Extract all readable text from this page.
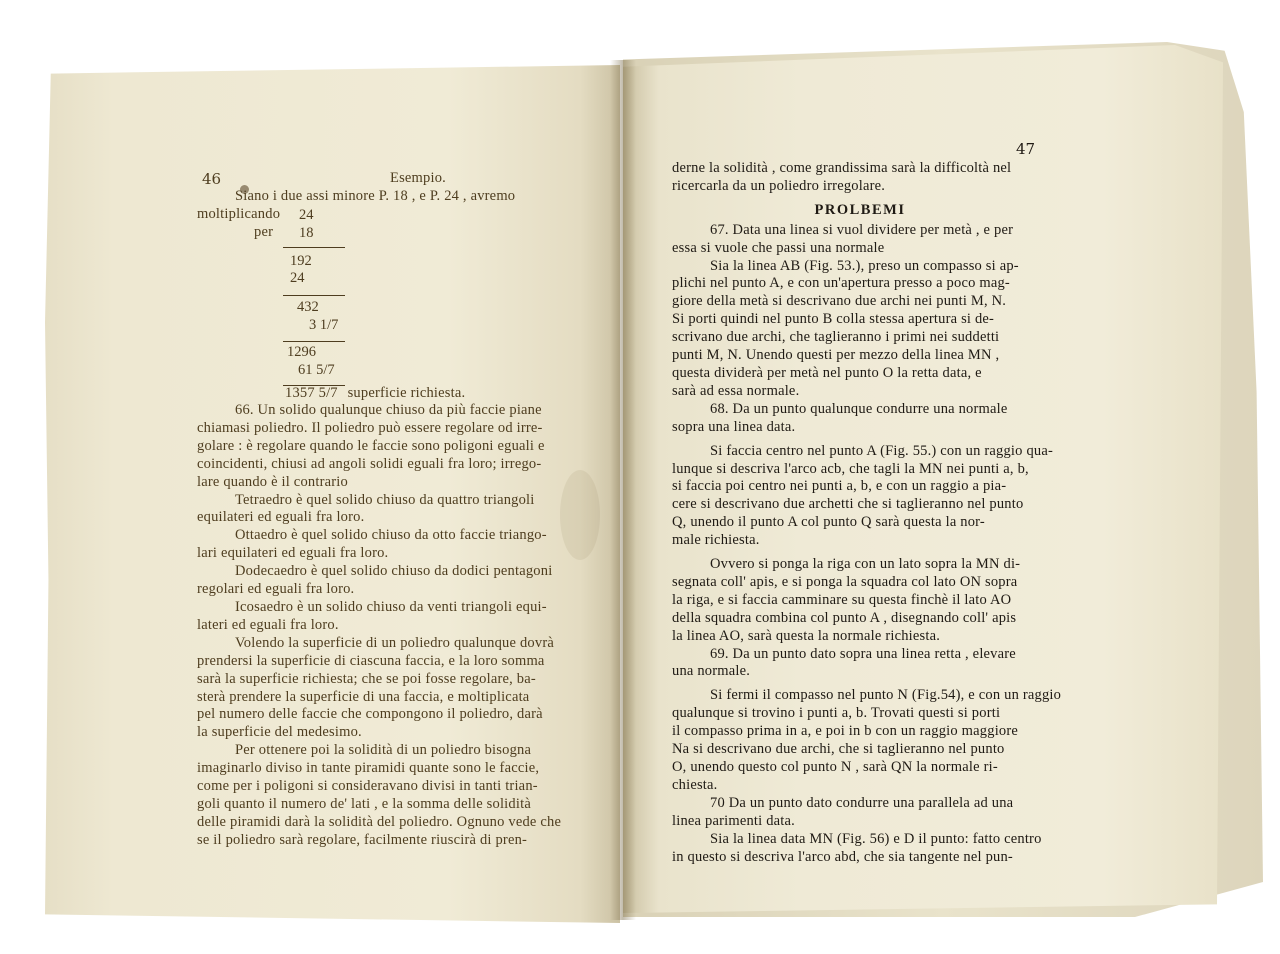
46	Esempio.
Siano i due assi minore P. 18 , e P. 24 , avremo
moltiplicando
per
24
18
192
24
432
3 1/7
1296
61 5/7
1357 5/7 superficie richiesta.
66. Un solido qualunque chiuso da più faccie piane
chiamasi poliedro. Il poliedro può essere regolare od irre-
golare : è regolare quando le faccie sono poligoni eguali e
coincidenti, chiusi ad angoli solidi eguali fra loro; irrego-
lare quando è il contrario
Tetraedro è quel solido chiuso da quattro triangoli
equilateri ed eguali fra loro.
Ottaedro è quel solido chiuso da otto faccie triango-
lari equilateri ed eguali fra loro.
Dodecaedro è quel solido chiuso da dodici pentagoni
regolari ed eguali fra loro.
Icosaedro è un solido chiuso da venti triangoli equi-
lateri ed eguali fra loro.
Volendo la superficie di un poliedro qualunque dovrà
prendersi la superficie di ciascuna faccia, e la loro somma
sarà la superficie richiesta; che se poi fosse regolare, ba-
sterà prendere la superficie di una faccia, e moltiplicata
pel numero delle faccie che compongono il poliedro, darà
la superficie del medesimo.
Per ottenere poi la solidità di un poliedro bisogna
imaginarlo diviso in tante piramidi quante sono le faccie,
come per i poligoni si consideravano divisi in tanti trian-
goli quanto il numero de' lati , e la somma delle solidità
delle piramidi darà la solidità del poliedro. Ognuno vede che
se il poliedro sarà regolare, facilmente riuscirà di pren-
47
derne la solidità , come grandissima sarà la difficoltà nel
ricercarla da un poliedro irregolare.
PROLBEMI
67. Data una linea si vuol dividere per metà , e per
essa si vuole che passi una normale
Sia la linea AB (Fig. 53.), preso un compasso si ap-
plichi nel punto A, e con un'apertura presso a poco mag-
giore della metà si descrivano due archi nei punti M, N.
Si porti quindi nel punto B colla stessa apertura si de-
scrivano due archi, che taglieranno i primi nei suddetti
punti M, N. Unendo questi per mezzo della linea MN ,
questa dividerà per metà nel punto O la retta data, e
sarà ad essa normale.
68. Da un punto qualunque condurre una normale
sopra una linea data.
Si faccia centro nel punto A (Fig. 55.) con un raggio qua-
lunque si descriva l'arco acb, che tagli la MN nei punti a, b,
si faccia poi centro nei punti a, b, e con un raggio a pia-
cere si descrivano due archetti che si taglieranno nel punto
Q, unendo il punto A col punto Q sarà questa la nor-
male richiesta.
Ovvero si ponga la riga con un lato sopra la MN di-
segnata coll' apis, e si ponga la squadra col lato ON sopra
la riga, e si faccia camminare su questa finchè il lato AO
della squadra combina col punto A , disegnando coll' apis
la linea AO, sarà questa la normale richiesta.
69. Da un punto dato sopra una linea retta , elevare
una normale.
Si fermi il compasso nel punto N (Fig.54), e con un raggio
qualunque si trovino i punti a, b. Trovati questi si porti
il compasso prima in a, e poi in b con un raggio maggiore
Na si descrivano due archi, che si taglieranno nel punto
O, unendo questo col punto N , sarà QN la normale ri-
chiesta.
70 Da un punto dato condurre una parallela ad una
linea parimenti data.
Sia la linea data MN (Fig. 56) e D il punto: fatto centro
in questo si descriva l'arco abd, che sia tangente nel pun-
